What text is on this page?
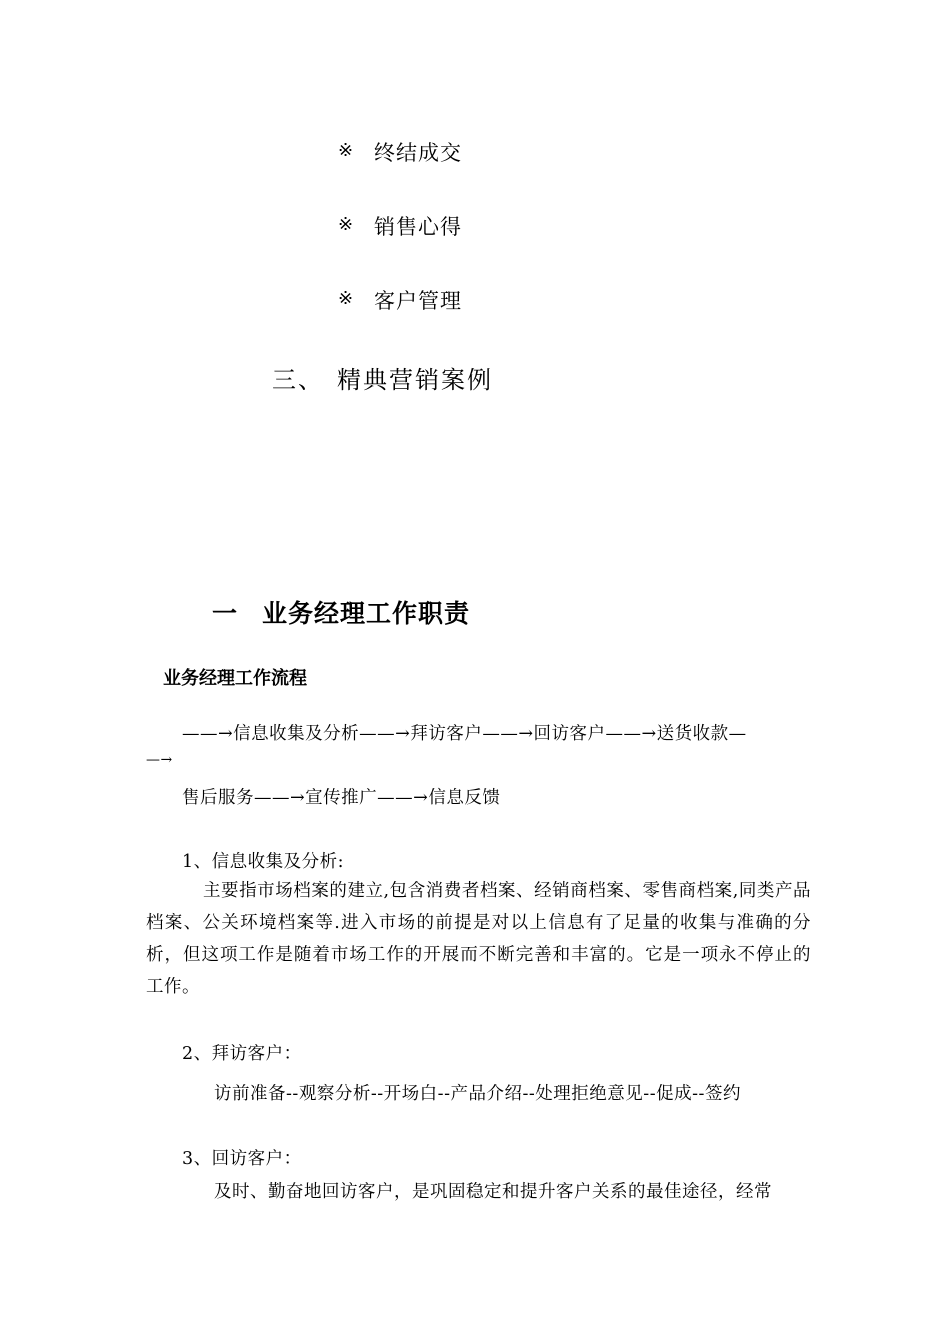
※ 终结成交
※ 销售心得
※ 客户管理
三、 精典营销案例
一 业务经理工作职责
业务经理工作流程
——→信息收集及分析——→拜访客户——→回访客户——→送货收款—
—→
售后服务——→宣传推广——→信息反馈
1、信息收集及分析:
主要指市场档案的建立,包含消费者档案、经销商档案、零售商档案,同类产品档案、公关环境档案等.进入市场的前提是对以上信息有了足量的收集与准确的分析，但这项工作是随着市场工作的开展而不断完善和丰富的。它是一项永不停止的工作。
2、拜访客户：
访前准备--观察分析--开场白--产品介绍--处理拒绝意见--促成--签约
3、回访客户：
及时、勤奋地回访客户，是巩固稳定和提升客户关系的最佳途径，经常
